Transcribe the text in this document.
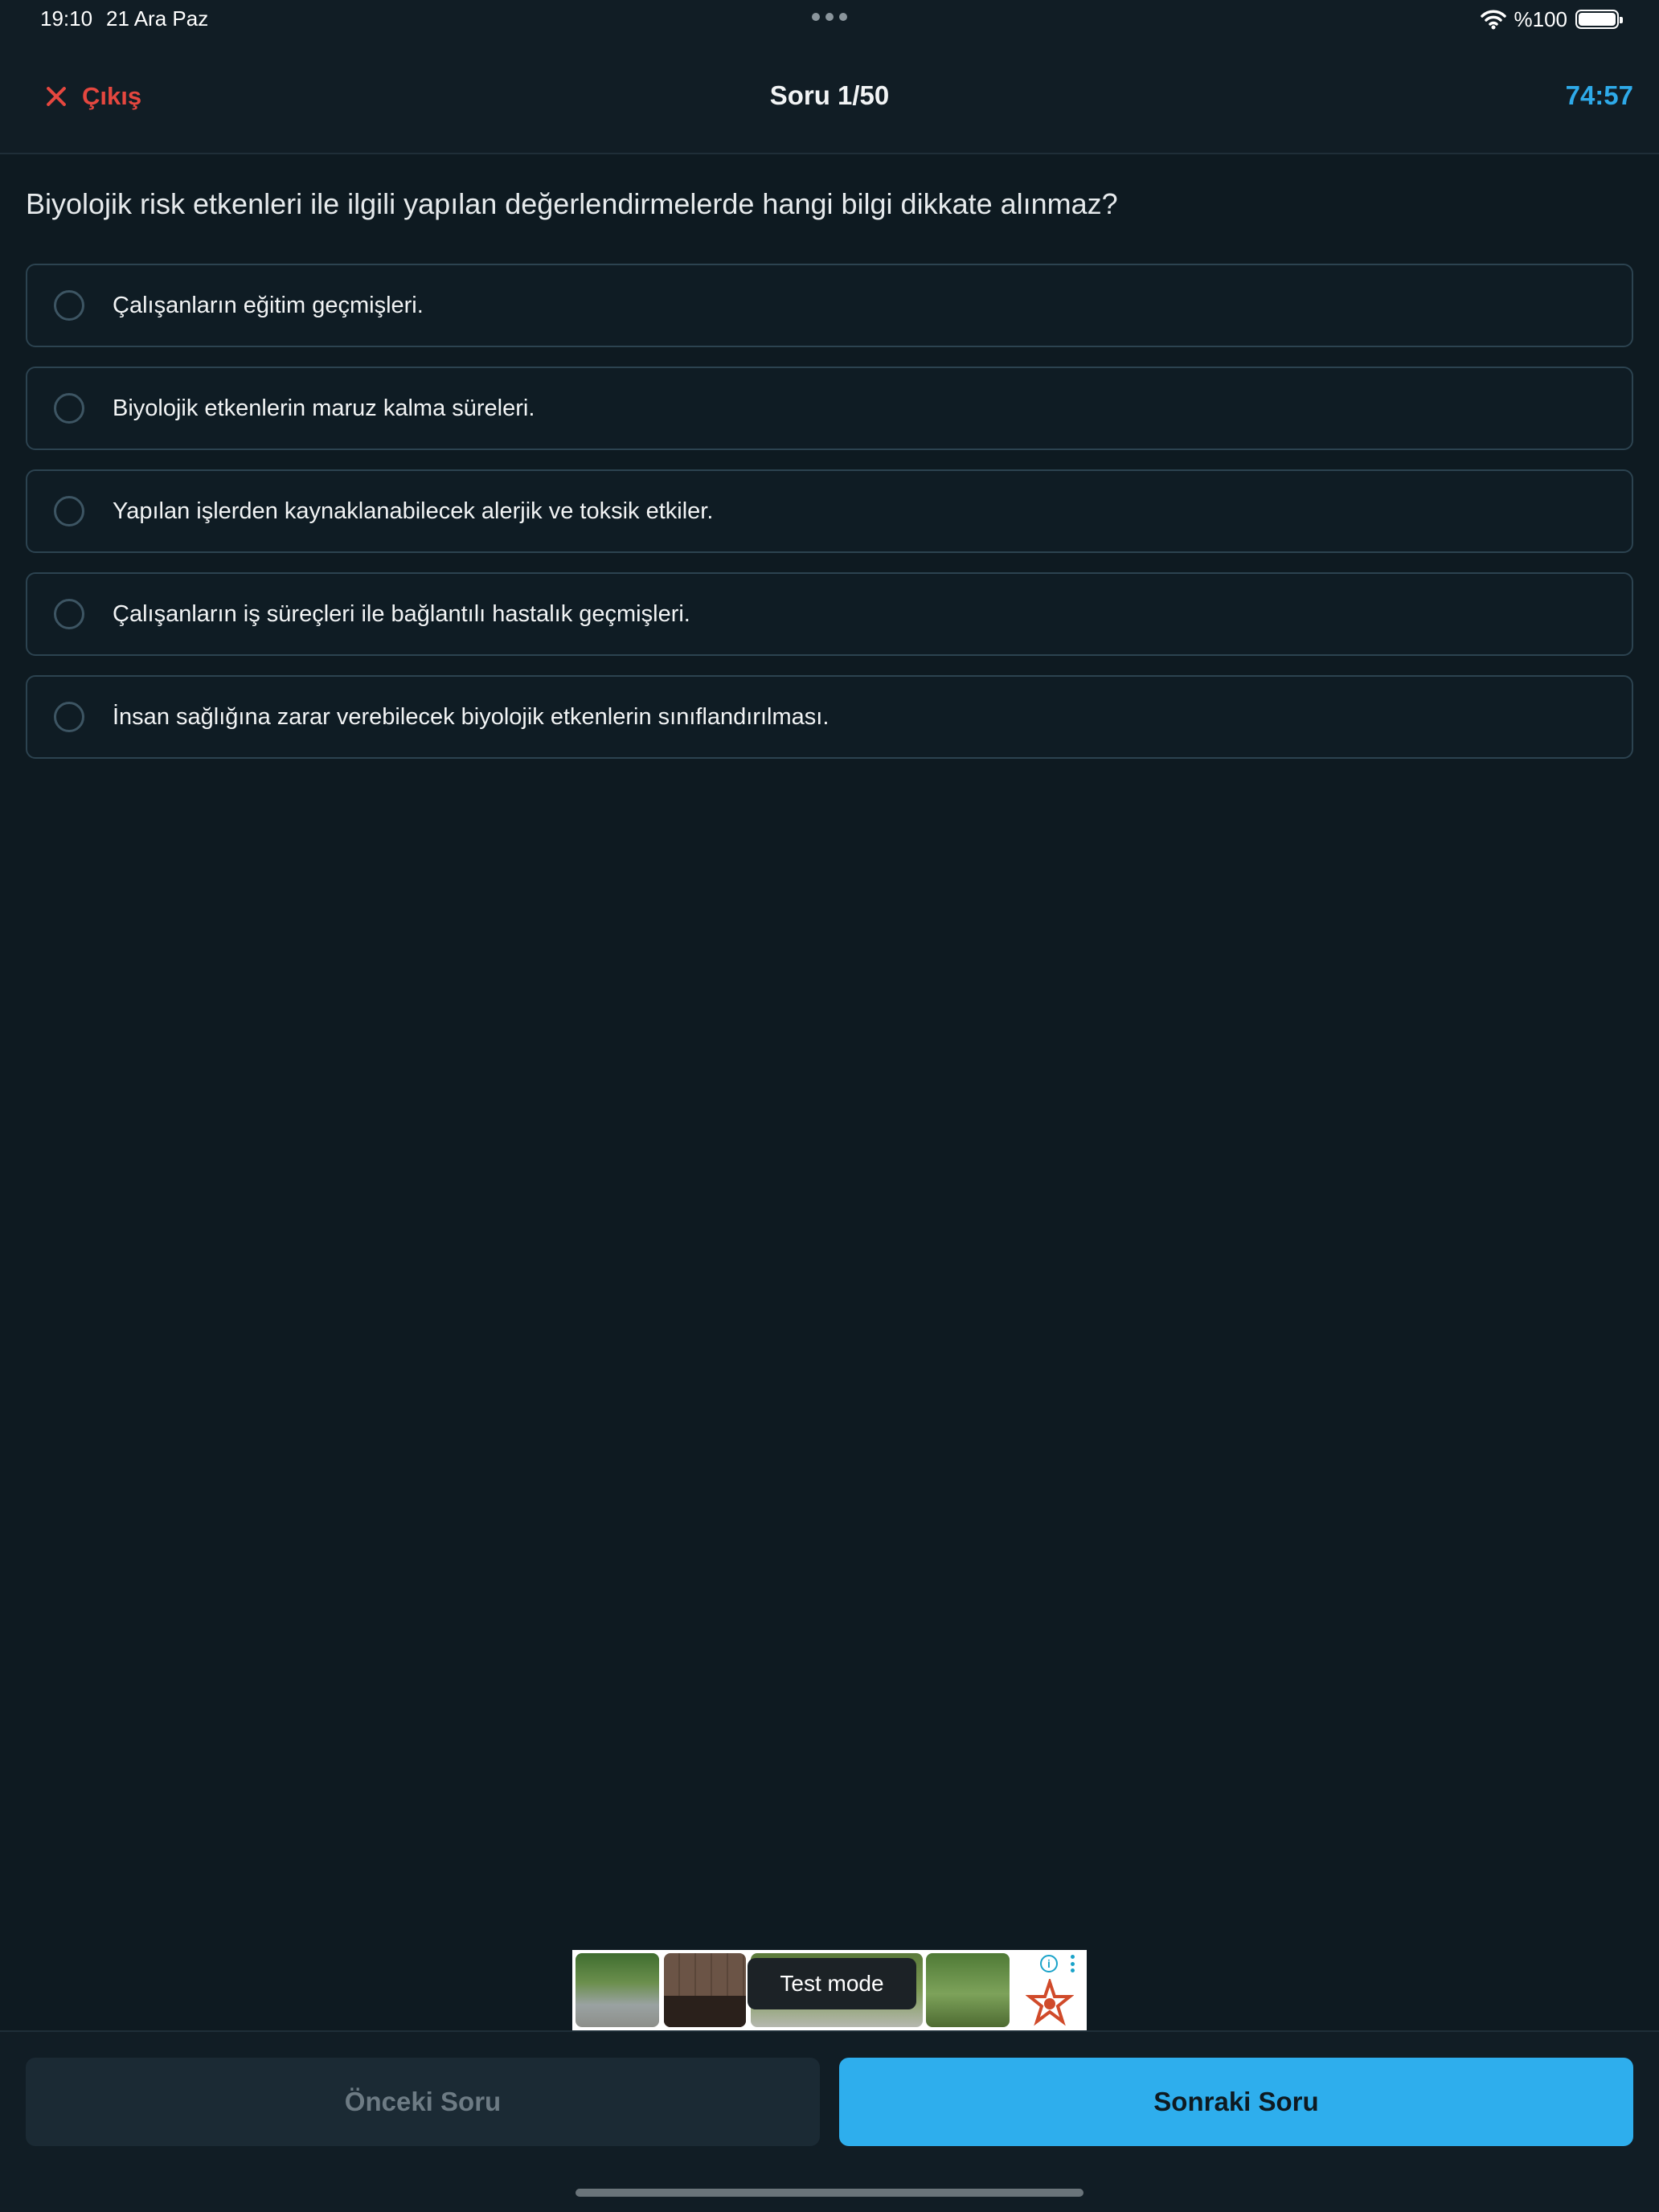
19:10 21 Ara Paz	%100
Çıkış	Soru 1/50	74:57
Biyolojik risk etkenleri ile ilgili yapılan değerlendirmelerde hangi bilgi dikkate alınmaz?
Çalışanların eğitim geçmişleri.
Biyolojik etkenlerin maruz kalma süreleri.
Yapılan işlerden kaynaklanabilecek alerjik ve toksik etkiler.
Çalışanların iş süreçleri ile bağlantılı hastalık geçmişleri.
İnsan sağlığına zarar verebilecek biyolojik etkenlerin sınıflandırılması.
Test mode
i
Önceki Soru	Sonraki Soru
